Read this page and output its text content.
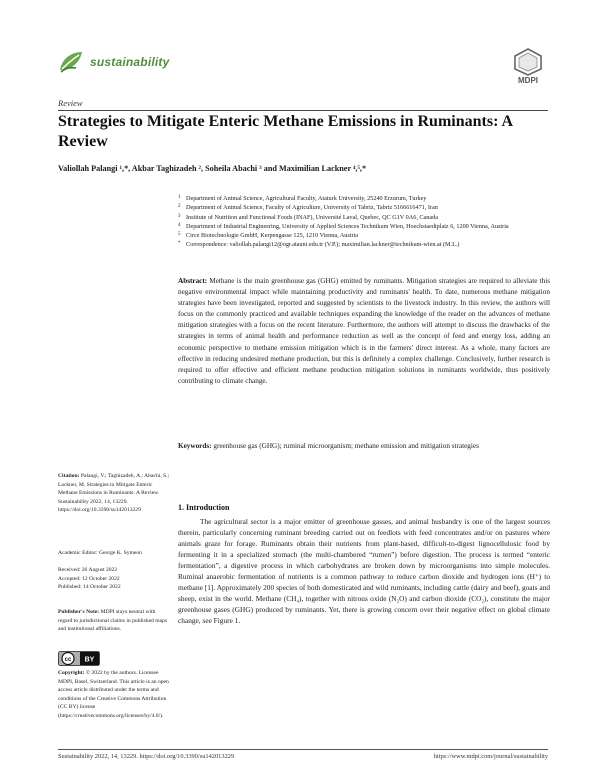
sustainability
MDPI
Review
Strategies to Mitigate Enteric Methane Emissions in Ruminants: A Review
Valiollah Palangi ¹,*, Akbar Taghizadeh ², Soheila Abachi ³ and Maximilian Lackner ⁴,⁵,*
1 Department of Animal Science, Agricultural Faculty, Ataturk University, 25240 Erzurum, Turkey
2 Department of Animal Science, Faculty of Agriculture, University of Tabriz, Tabriz 5166616471, Iran
3 Institute of Nutrition and Functional Foods (INAF), Université Laval, Quebec, QC G1V 0A6, Canada
4 Department of Industrial Engineering, University of Applied Sciences Technikum Wien, Hoechstaedtplatz 6, 1200 Vienna, Austria
5 Circe Biotechnologie GmbH, Kerpengasse 125, 1210 Vienna, Austria
* Correspondence: valiollah.palangi12@ogr.atauni.edu.tr (V.P.); maximilian.lackner@technikum-wien.at (M.L.)
Abstract: Methane is the main greenhouse gas (GHG) emitted by ruminants. Mitigation strategies are required to alleviate this negative environmental impact while maintaining productivity and ruminants' health. To date, numerous methane mitigation strategies have been investigated, reported and suggested by scientists to the livestock industry. In this review, the authors will focus on the commonly practiced and available techniques expanding the knowledge of the reader on the advances of methane mitigation strategies with a focus on the recent literature. Furthermore, the authors will attempt to discuss the drawbacks of the strategies in terms of animal health and performance reduction as well as the concept of feed and energy loss, adding an economic perspective to methane emission mitigation which is in the farmers' direct interest. As a whole, many factors are effective in reducing undesired methane production, but this is definitely a complex challenge. Conclusively, further research is required to offer effective and efficient methane production mitigation solutions in ruminants worldwide, thus positively contributing to climate change.
Keywords: greenhouse gas (GHG); ruminal microorganism; methane emission and mitigation strategies
Citation: Palangi, V.; Taghizadeh, A.; Abachi, S.; Lackner, M. Strategies to Mitigate Enteric Methane Emissions in Ruminants: A Review. Sustainability 2022, 14, 13229. https://doi.org/10.3390/su142013229
Academic Editor: George K. Symeon
Received: 26 August 2022
Accepted: 12 October 2022
Published: 14 October 2022
Publisher's Note: MDPI stays neutral with regard to jurisdictional claims in published maps and institutional affiliations.
cc BY
Copyright: © 2022 by the authors. Licensee MDPI, Basel, Switzerland. This article is an open access article distributed under the terms and conditions of the Creative Commons Attribution (CC BY) license (https://creativecommons.org/licenses/by/4.0/).
1. Introduction
The agricultural sector is a major emitter of greenhouse gasses, and animal husbandry is one of the largest sources therein, particularly concerning ruminant breeding carried out on feedlots with feed concentrates and/or on pastures where animals graze for forage. Ruminants obtain their nutrients from plant-based, difficult-to-digest lignocellulosic food by fermenting it in a specialized stomach (the multi-chambered “rumen”) before digestion. The process is termed “enteric fermentation”, a digestive process in which carbohydrates are broken down by microorganisms into simple molecules. Ruminal anaerobic fermentation of nutrients is a common pathway to reduce carbon dioxide and hydrogen ions (H⁺) to methane [1]. Approximately 200 species of both domesticated and wild ruminants, including cattle (dairy and beef), goats and sheep, exist in the world. Methane (CH₄), together with nitrous oxide (N₂O) and carbon dioxide (CO₂), constitute the major greenhouse gases (GHG) produced by ruminants. Yet, there is growing concern over their negative effect on global climate change, see Figure 1.
Sustainability 2022, 14, 13229. https://doi.org/10.3390/su142013229	https://www.mdpi.com/journal/sustainability
